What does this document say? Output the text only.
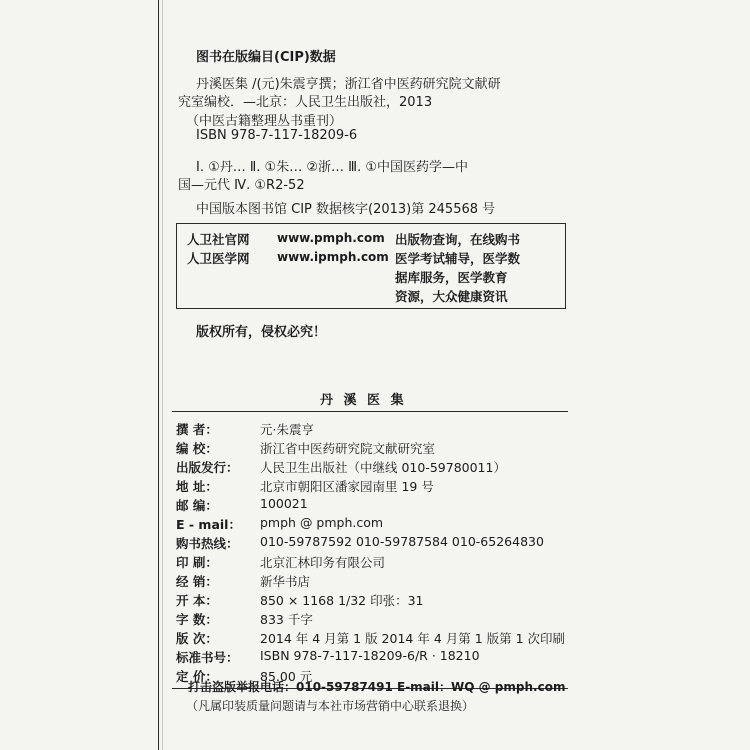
图书在版编目(CIP)数据
丹溪医集 /(元)朱震亨撰；浙江省中医药研究院文献研
究室编校．—北京：人民卫生出版社，2013
（中医古籍整理丛书重刊）
ISBN 978-7-117-18209-6
Ⅰ. ①丹… Ⅱ. ①朱… ②浙… Ⅲ. ①中国医药学—中
国—元代 Ⅳ. ①R2-52
中国版本图书馆 CIP 数据核字(2013)第 245568 号
人卫社官网 www.pmph.com 出版物查询，在线购书
人卫医学网 www.ipmph.com 医学考试辅导，医学数
据库服务，医学教育
资源，大众健康资讯
版权所有，侵权必究！
丹 溪 医 集
撰 者：	元·朱震亨
编 校：	浙江省中医药研究院文献研究室
出版发行： 人民卫生出版社（中继线 010-59780011）
地 址：	北京市朝阳区潘家园南里 19 号
邮 编：	100021
E - mail： pmph @ pmph.com
购书热线： 010-59787592 010-59787584 010-65264830
印 刷：	北京汇林印务有限公司
经 销：	新华书店
开 本：	850 × 1168 1/32 印张：31
字 数：	833 千字
版 次：	2014 年 4 月第 1 版 2014 年 4 月第 1 版第 1 次印刷
标准书号： ISBN 978-7-117-18209-6/R · 18210
定 价：	85.00 元
打击盗版举报电话：010-59787491 E-mail：WQ @ pmph.com
（凡属印装质量问题请与本社市场营销中心联系退换）
